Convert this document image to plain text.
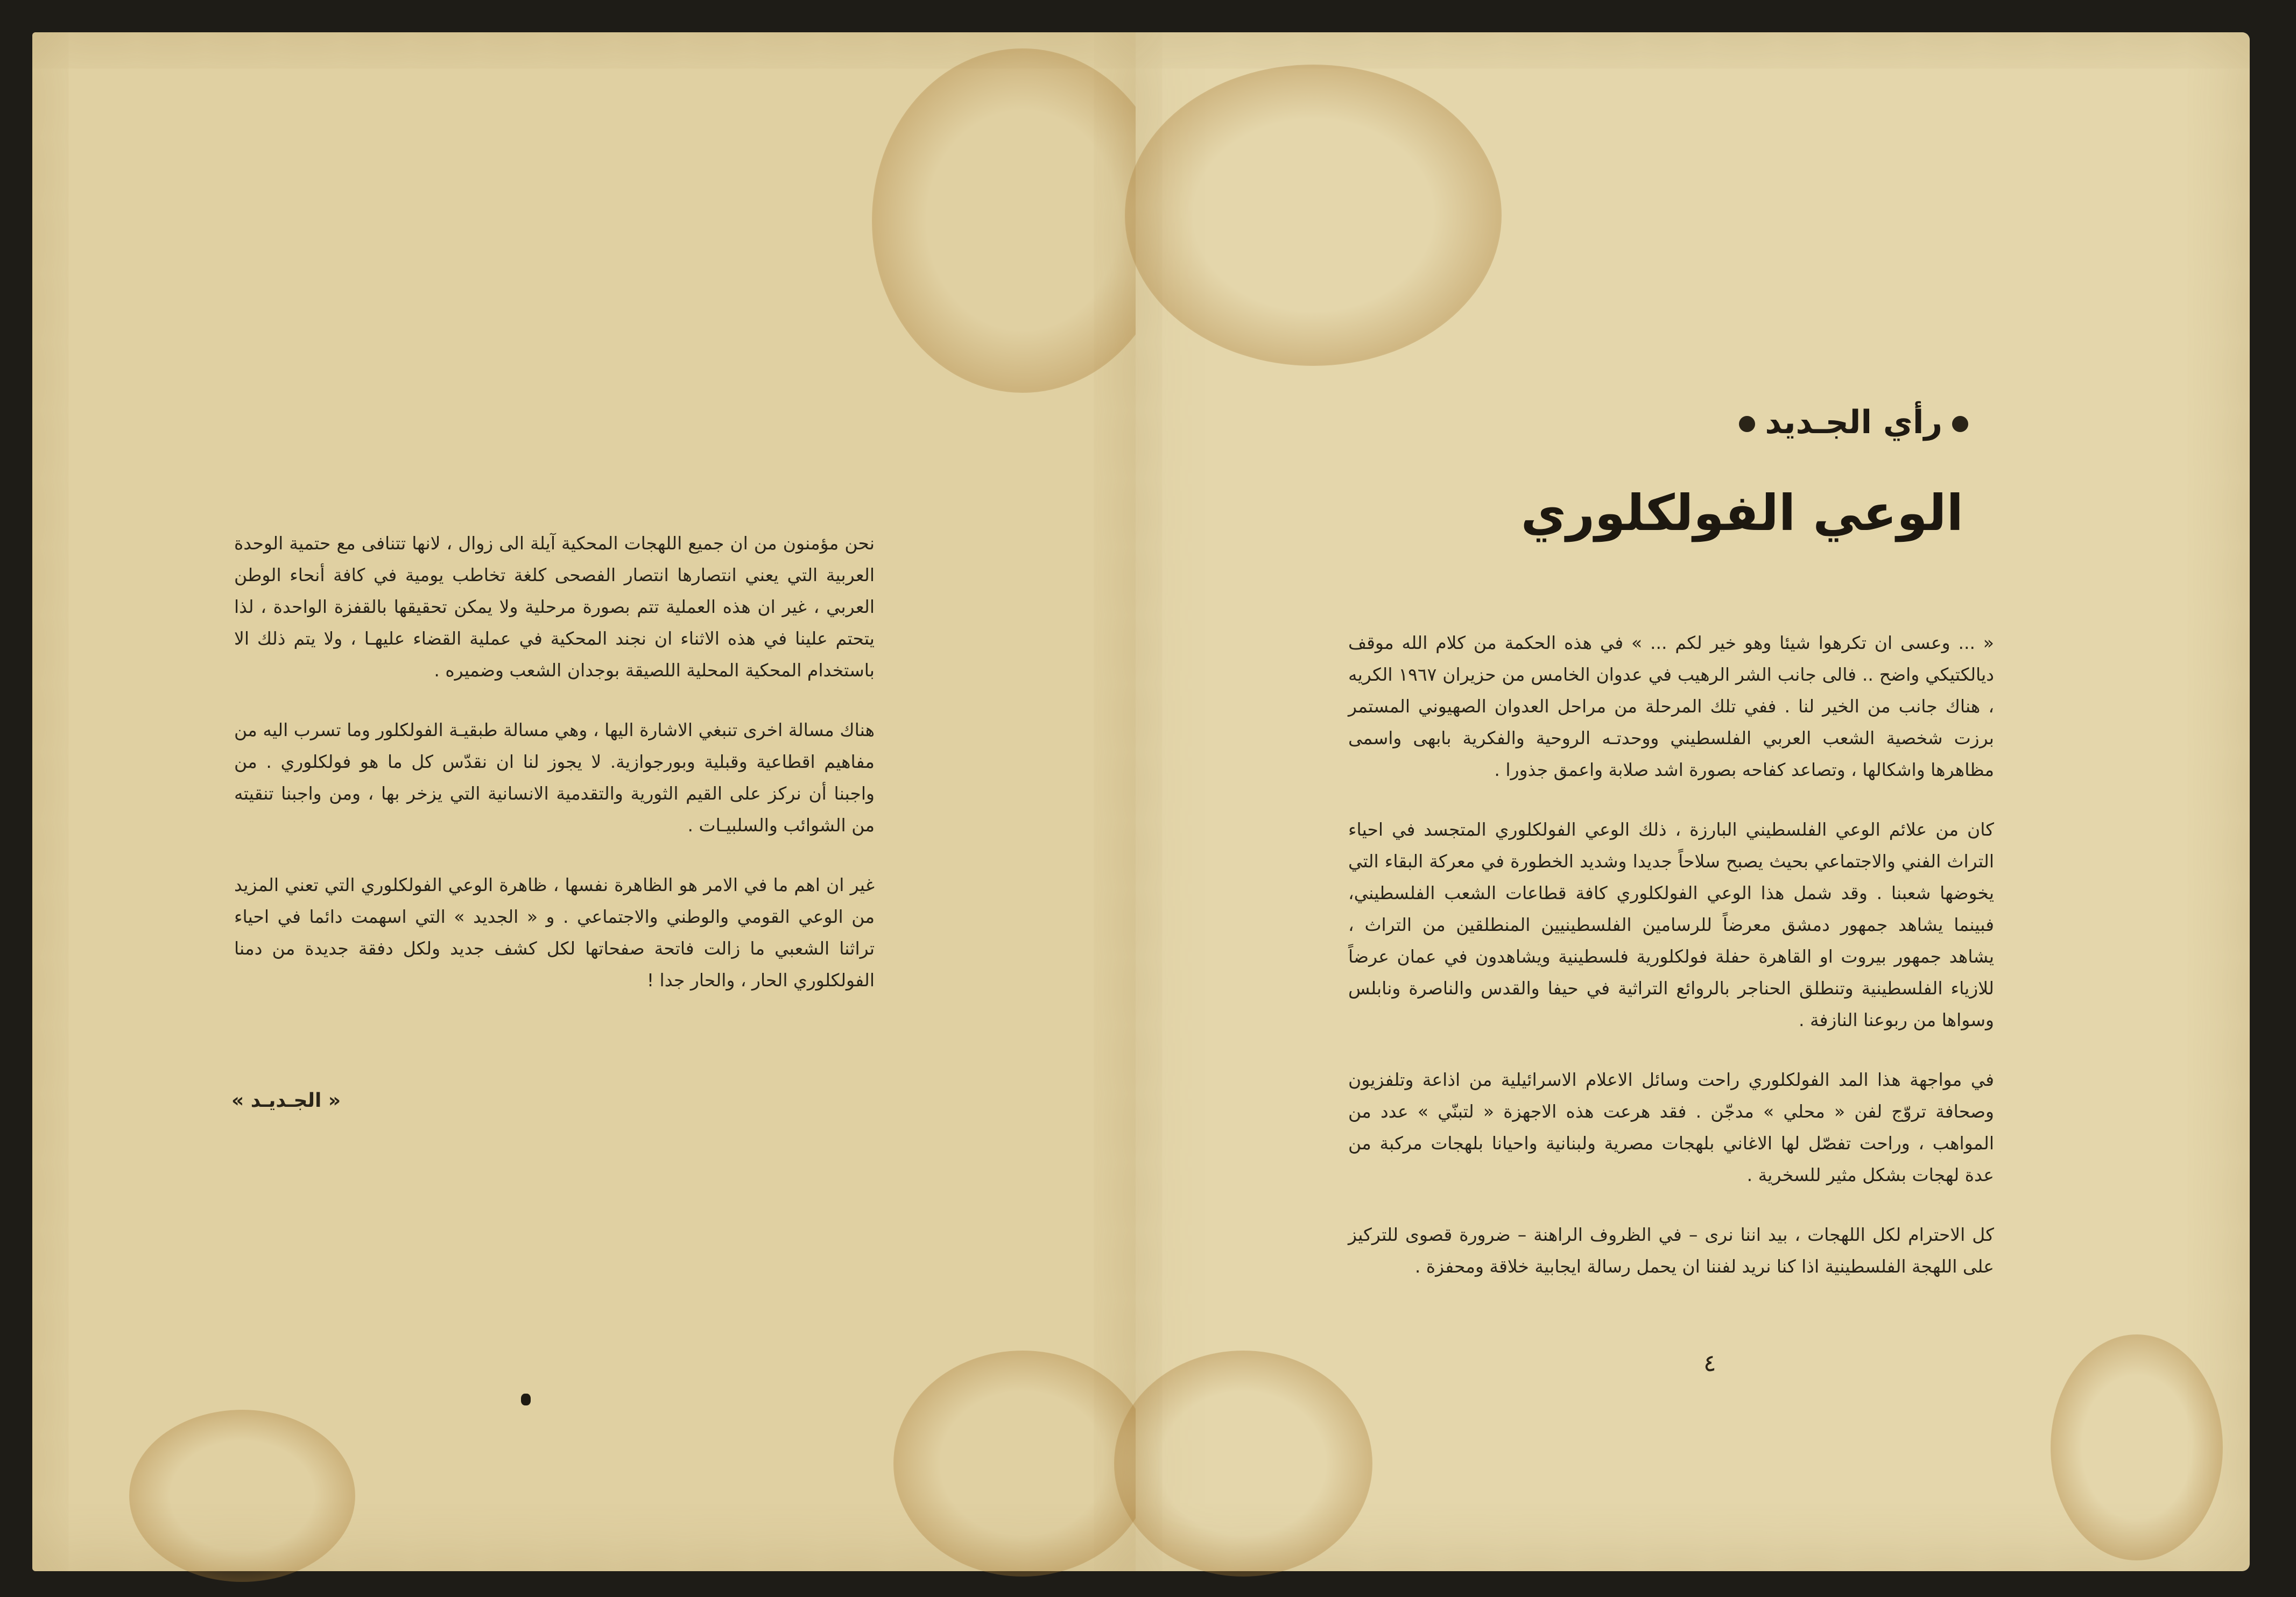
نحن مؤمنون من ان جميع اللهجات المحكية آيلة الى زوال ، لانها تتنافى مع حتمية الوحدة العربية التي يعني انتصارها انتصار الفصحى كلغة تخاطب يومية في كافة أنحاء الوطن العربي ، غير ان هذه العملية تتم بصورة مرحلية ولا يمكن تحقيقها بالقفزة الواحدة ، لذا يتحتم علينا في هذه الاثناء ان نجند المحكية في عملية القضاء عليهـا ، ولا يتم ذلك الا باستخدام المحكية المحلية اللصيقة بوجدان الشعب وضميره .

هناك مسالة اخرى تنبغي الاشارة اليها ، وهي مسالة طبقيـة الفولكلور وما تسرب اليه من مفاهيم اقطاعية وقبلية وبورجوازية. لا يجوز لنا ان نقدّس كل ما هو فولكلوري . من واجبنا أن نركز على القيم الثورية والتقدمية الانسانية التي يزخر بها ، ومن واجبنا تنقيته من الشوائب والسلبيـات .

غير ان اهم ما في الامر هو الظاهرة نفسها ، ظاهرة الوعي الفولكلوري التي تعني المزيد من الوعي القومي والوطني والاجتماعي . و « الجديد » التي اسهمت دائما في احياء تراثنا الشعبي ما زالت فاتحة صفحاتها لكل كشف جديد ولكل دفقة جديدة من دمنا الفولكلوري الحار ، والحار جدا !

« الجـديـد »
رأي الجـديد
الوعي الفولكلوري

« ... وعسى ان تكرهوا شيئا وهو خير لكم ... » في هذه الحكمة من كلام الله موقف ديالكتيكي واضح .. فالى جانب الشر الرهيب في عدوان الخامس من حزيران ١٩٦٧ الكريه ، هناك جانب من الخير لنا . ففي تلك المرحلة من مراحل العدوان الصهيوني المستمر برزت شخصية الشعب العربي الفلسطيني ووحدتـه الروحية والفكرية بابهى واسمى مظاهرها واشكالها ، وتصاعد كفاحه بصورة اشد صلابة واعمق جذورا .

كان من علائم الوعي الفلسطيني البارزة ، ذلك الوعي الفولكلوري المتجسد في احياء التراث الفني والاجتماعي بحيث يصبح سلاحاً جديدا وشديد الخطورة في معركة البقاء التي يخوضها شعبنا . وقد شمل هذا الوعي الفولكلوري كافة قطاعات الشعب الفلسطيني، فبينما يشاهد جمهور دمشق معرضاً للرسامين الفلسطينيين المنطلقين من التراث ، يشاهد جمهور بيروت او القاهرة حفلة فولكلورية فلسطينية ويشاهدون في عمان عرضاً للازياء الفلسطينية وتنطلق الحناجر بالروائع التراثية في حيفا والقدس والناصرة ونابلس وسواها من ربوعنا النازفة .

في مواجهة هذا المد الفولكلوري راحت وسائل الاعلام الاسرائيلية من اذاعة وتلفزيون وصحافة تروّج لفن « محلي » مدجّن . فقد هرعت هذه الاجهزة « لتبنّي » عدد من المواهب ، وراحت تفصّل لها الاغاني بلهجات مصرية ولبنانية واحيانا بلهجات مركبة من عدة لهجات بشكل مثير للسخرية .

كل الاحترام لكل اللهجات ، بيد اننا نرى – في الظروف الراهنة – ضرورة قصوى للتركيز على اللهجة الفلسطينية اذا كنا نريد لفننا ان يحمل رسالة ايجابية خلاقة ومحفزة .

٤
